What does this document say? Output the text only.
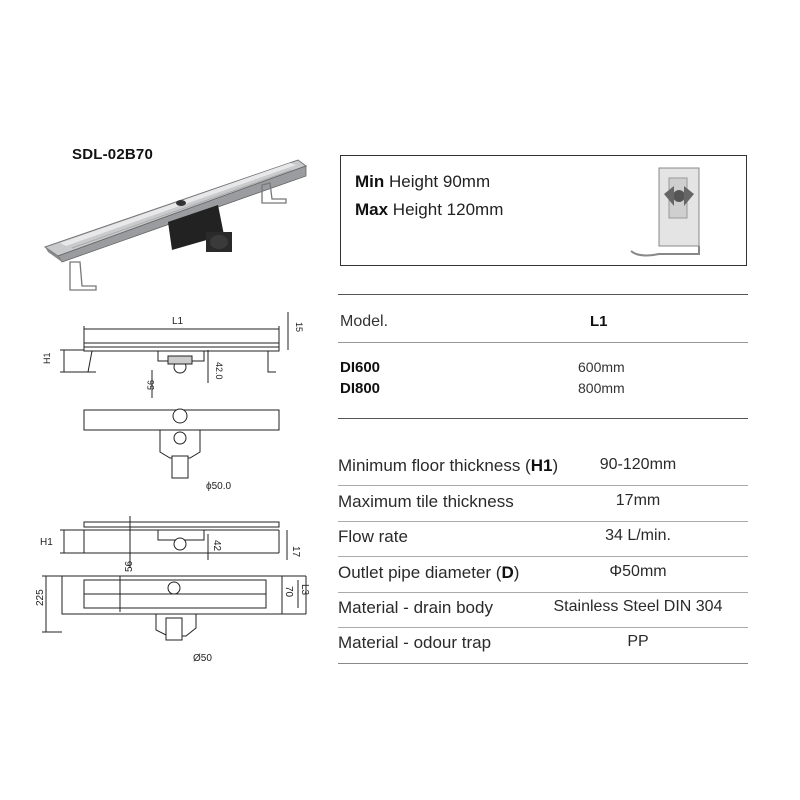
SDL-02B70
Min Height 90mm
Max Height 120mm
Model.	L1
DI600	600mm
DI800	800mm
Minimum floor thickness (H1)	90-120mm
Maximum tile thickness	17mm
Flow rate	34 L/min.
Outlet pipe diameter (D)	Φ50mm
Material - drain body	Stainless Steel DIN 304
Material - odour trap	PP
L1
15
H1
56
42.0
ϕ50.0
H1	42
17
56
225	70 L3
Ø50
